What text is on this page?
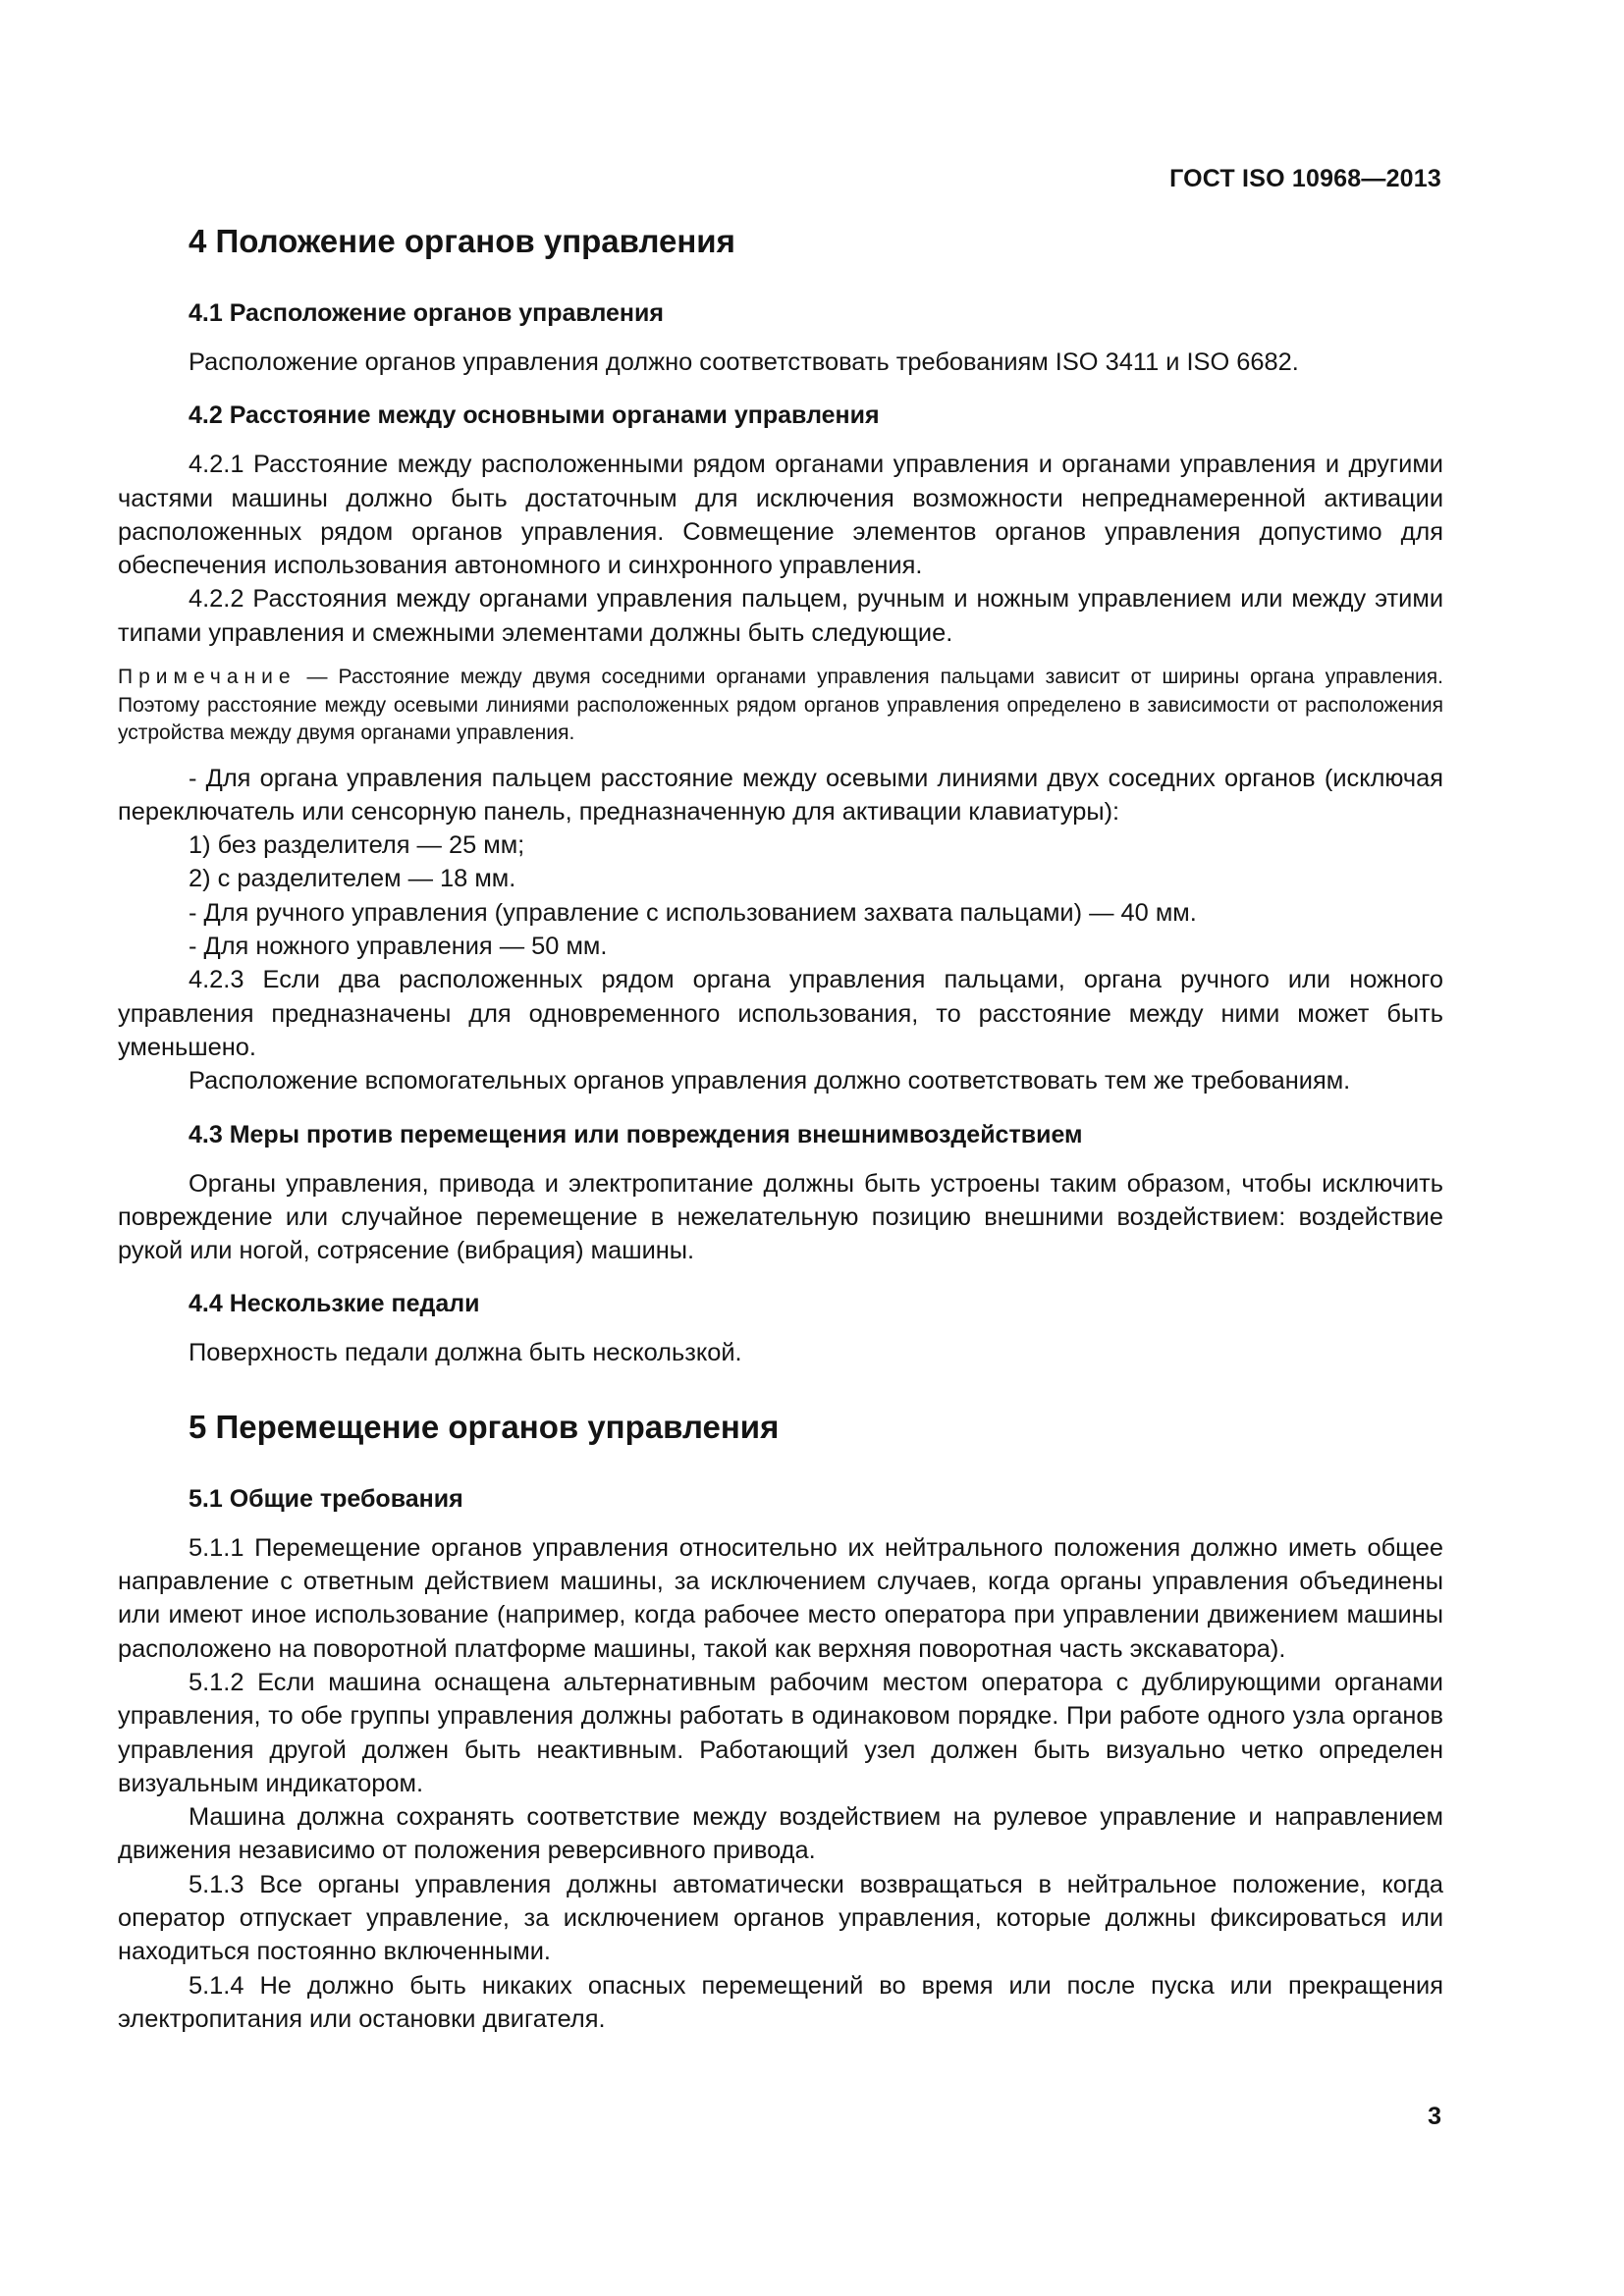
ГОСТ ISO 10968—2013
4 Положение органов управления
4.1 Расположение органов управления

Расположение органов управления должно соответствовать требованиям ISO 3411 и ISO 6682.

4.2 Расстояние между основными органами управления

4.2.1 Расстояние между расположенными рядом органами управления и органами управления и другими частями машины должно быть достаточным для исключения возможности непреднамеренной активации расположенных рядом органов управления. Совмещение элементов органов управления допустимо для обеспечения использования автономного и синхронного управления.

4.2.2 Расстояния между органами управления пальцем, ручным и ножным управлением или между этими типами управления и смежными элементами должны быть следующие.

Примечание — Расстояние между двумя соседними органами управления пальцами зависит от ширины органа управления. Поэтому расстояние между осевыми линиями расположенных рядом органов управления определено в зависимости от расположения устройства между двумя органами управления.

- Для органа управления пальцем расстояние между осевыми линиями двух соседних органов (исключая переключатель или сенсорную панель, предназначенную для активации клавиатуры):

1) без разделителя — 25 мм;

2) с разделителем — 18 мм.

- Для ручного управления (управление с использованием захвата пальцами) — 40 мм.

- Для ножного управления — 50 мм.

4.2.3 Если два расположенных рядом органа управления пальцами, органа ручного или ножного управления предназначены для одновременного использования, то расстояние между ними может быть уменьшено.

Расположение вспомогательных органов управления должно соответствовать тем же требованиям.

4.3 Меры против перемещения или повреждения внешнимвоздействием

Органы управления, привода и электропитание должны быть устроены таким образом, чтобы исключить повреждение или случайное перемещение в нежелательную позицию внешними воздействием: воздействие рукой или ногой, сотрясение (вибрация) машины.

4.4 Нескользкие педали

Поверхность педали должна быть нескользкой.

5 Перемещение органов управления
5.1 Общие требования

5.1.1 Перемещение органов управления относительно их нейтрального положения должно иметь общее направление с ответным действием машины, за исключением случаев, когда органы управления объединены или имеют иное использование (например, когда рабочее место оператора при управлении движением машины расположено на поворотной платформе машины, такой как верхняя поворотная часть экскаватора).

5.1.2 Если машина оснащена альтернативным рабочим местом оператора с дублирующими органами управления, то обе группы управления должны работать в одинаковом порядке. При работе одного узла органов управления другой должен быть неактивным. Работающий узел должен быть визуально четко определен визуальным индикатором.

Машина должна сохранять соответствие между воздействием на рулевое управление и направлением движения независимо от положения реверсивного привода.

5.1.3 Все органы управления должны автоматически возвращаться в нейтральное положение, когда оператор отпускает управление, за исключением органов управления, которые должны фиксироваться или находиться постоянно включенными.

5.1.4 Не должно быть никаких опасных перемещений во время или после пуска или прекращения электропитания или остановки двигателя.

3
